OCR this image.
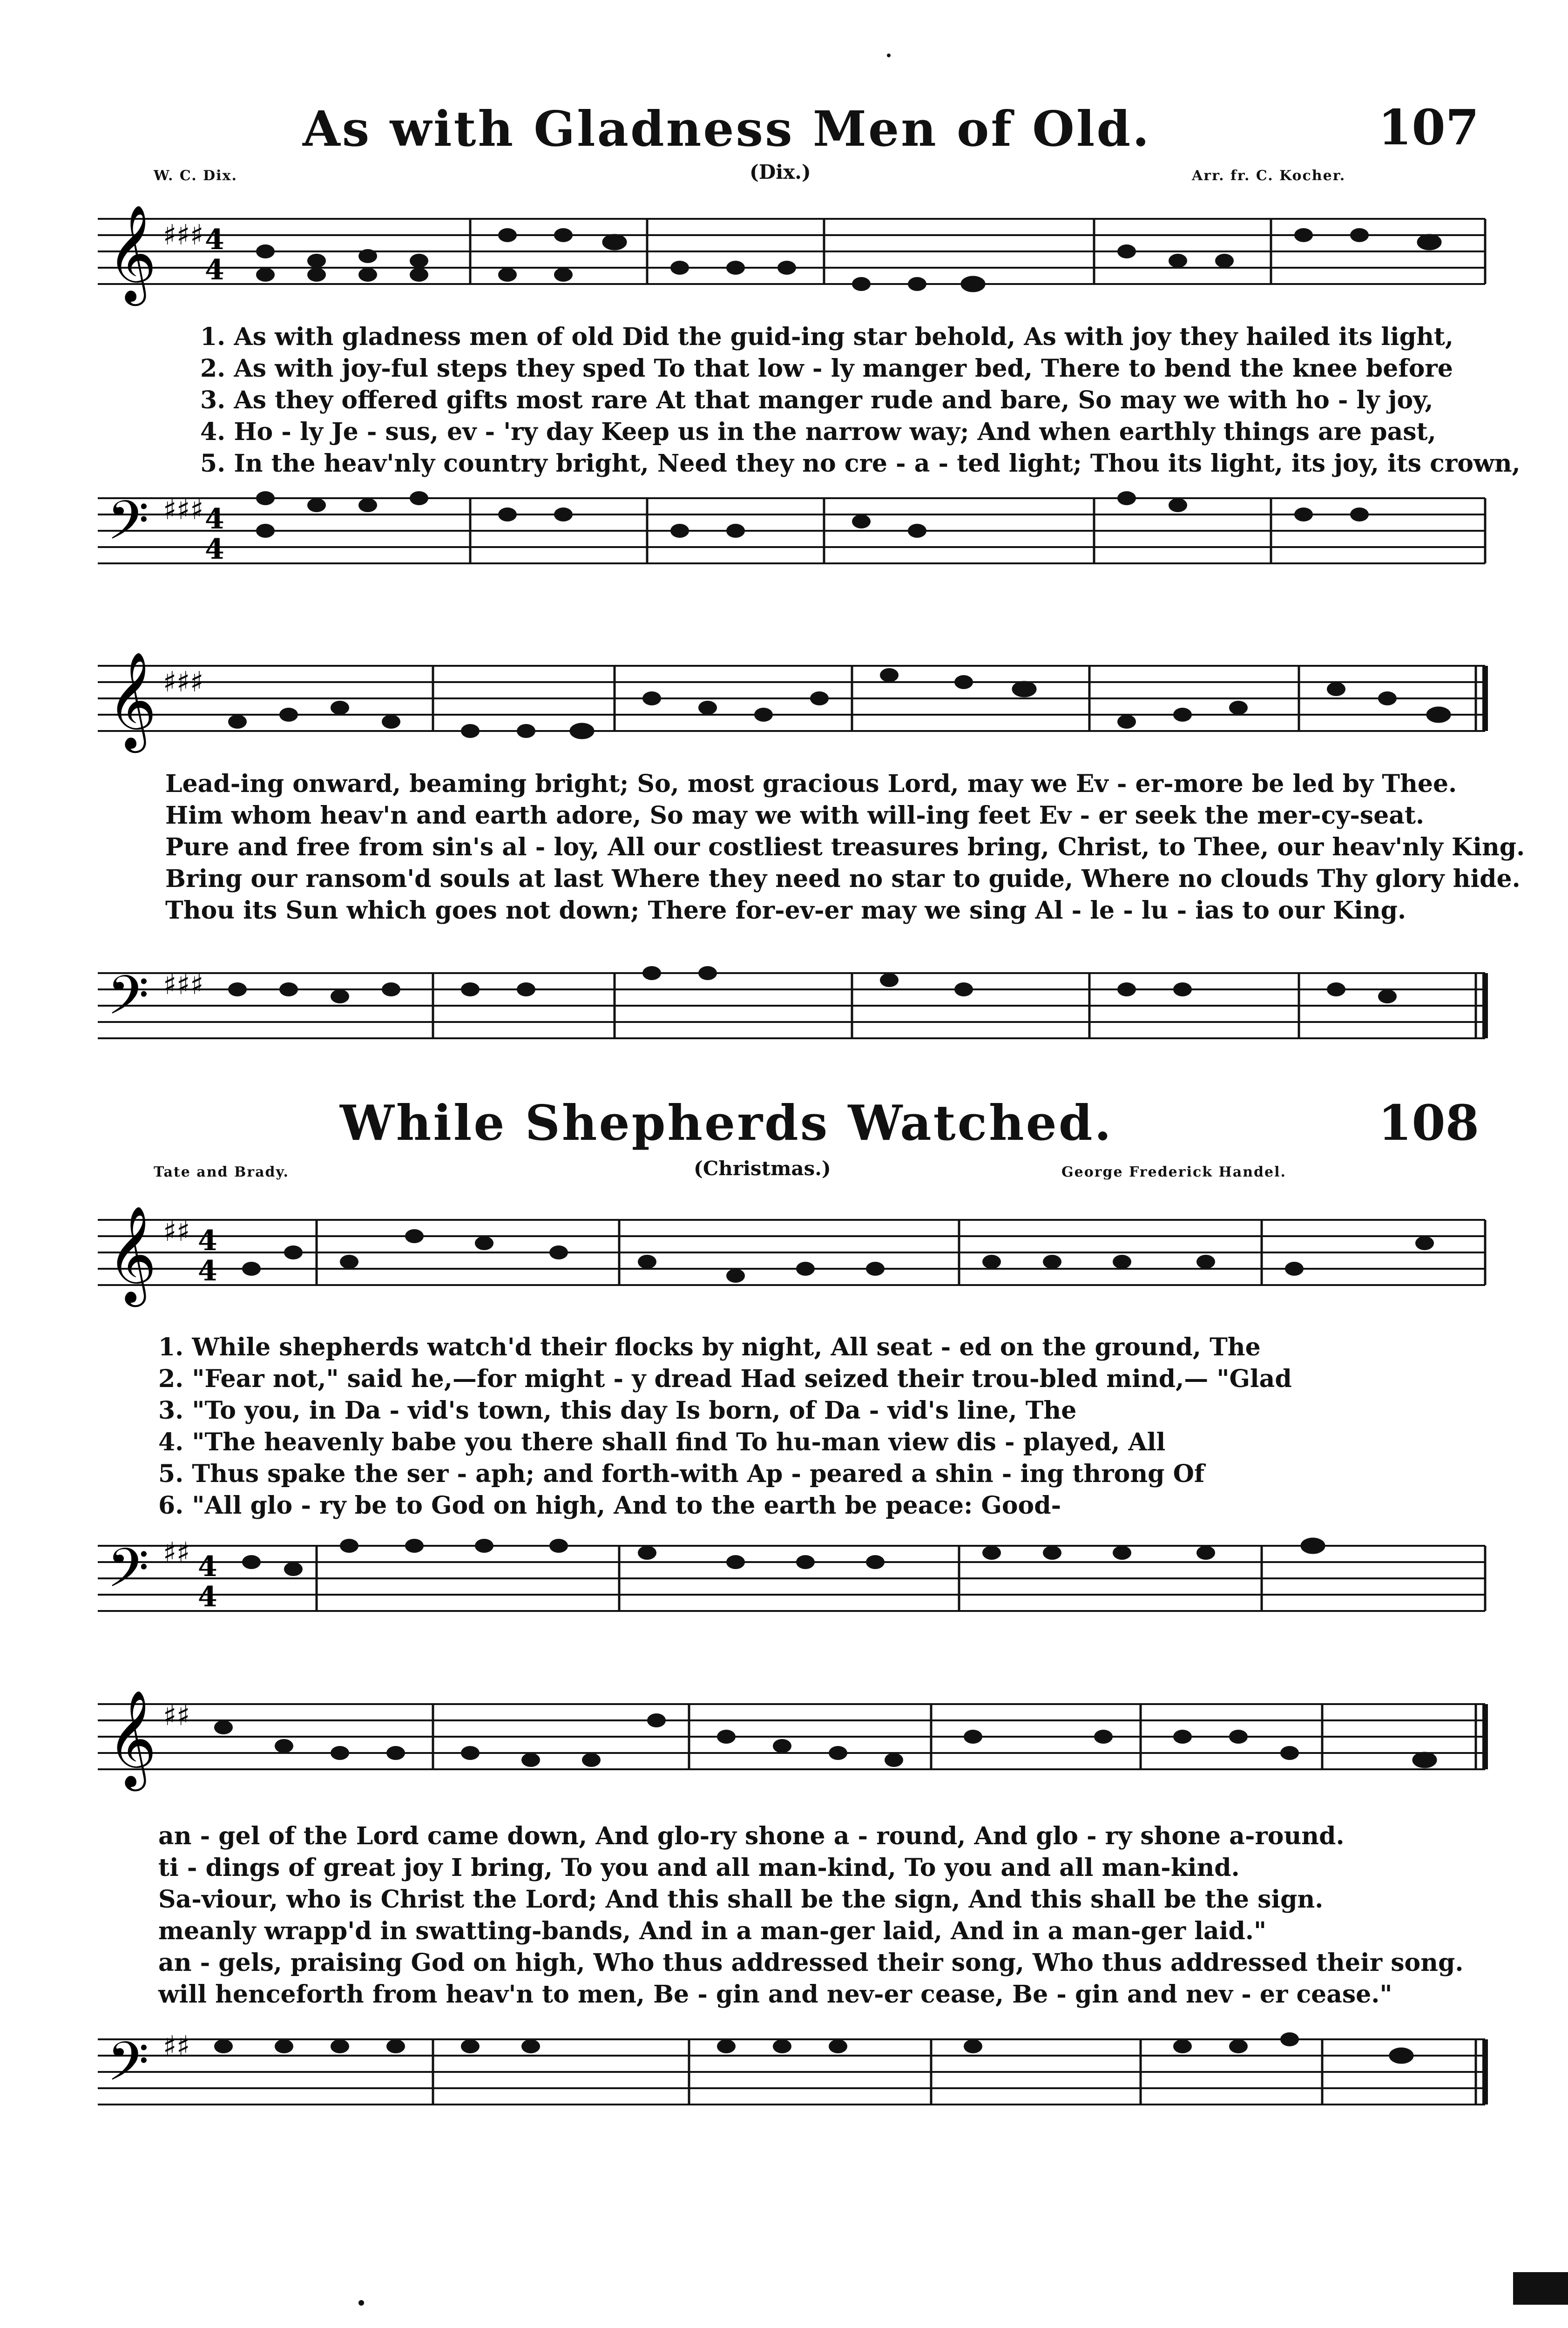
As with Gladness Men of Old.	107
W. C. Dix.	(Dix.)	Arr. fr. C. Kocher.
𝄞 ♯♯♯ 4
4
1. As with gladness men of old Did the guid-ing star behold, As with joy they hailed its light,
2. As with joy-ful steps they sped To that low - ly manger bed, There to bend the knee before
3. As they offered gifts most rare At that manger rude and bare, So may we with ho - ly joy,
4. Ho - ly Je - sus, ev - 'ry day Keep us in the narrow way; And when earthly things are past,
5. In the heav'nly country bright, Need they no cre - a - ted light; Thou its light, its joy, its crown,
𝄢 ♯♯♯ 4
4
𝄞 ♯♯♯
Lead-ing onward, beaming bright; So, most gracious Lord, may we Ev - er-more be led by Thee.
Him whom heav'n and earth adore, So may we with will-ing feet Ev - er seek the mer-cy-seat.
Pure and free from sin's al - loy, All our costliest treasures bring, Christ, to Thee, our heav'nly King.
Bring our ransom'd souls at last Where they need no star to guide, Where no clouds Thy glory hide.
Thou its Sun which goes not down; There for-ev-er may we sing Al - le - lu - ias to our King.
𝄢 ♯♯♯
While Shepherds Watched.	108
Tate and Brady.	(Christmas.)	George Frederick Handel.
𝄞 ♯♯ 4
4
1. While shepherds watch'd their flocks by night, All seat - ed on the ground, The
2. "Fear not," said he,—for might - y dread Had seized their trou-bled mind,— "Glad
3. "To you, in Da - vid's town, this day Is born, of Da - vid's line, The
4. "The heavenly babe you there shall find To hu-man view dis - played, All
5. Thus spake the ser - aph; and forth-with Ap - peared a shin - ing throng Of
6. "All glo - ry be to God on high, And to the earth be peace: Good-
𝄢 ♯♯ 4
4
𝄞 ♯♯
an - gel of the Lord came down, And glo-ry shone a - round, And glo - ry shone a-round.
ti - dings of great joy I bring, To you and all man-kind, To you and all man-kind.
Sa-viour, who is Christ the Lord; And this shall be the sign, And this shall be the sign.
meanly wrapp'd in swatting-bands, And in a man-ger laid, And in a man-ger laid."
an - gels, praising God on high, Who thus addressed their song, Who thus addressed their song.
will henceforth from heav'n to men, Be - gin and nev-er cease, Be - gin and nev - er cease."
𝄢 ♯♯
